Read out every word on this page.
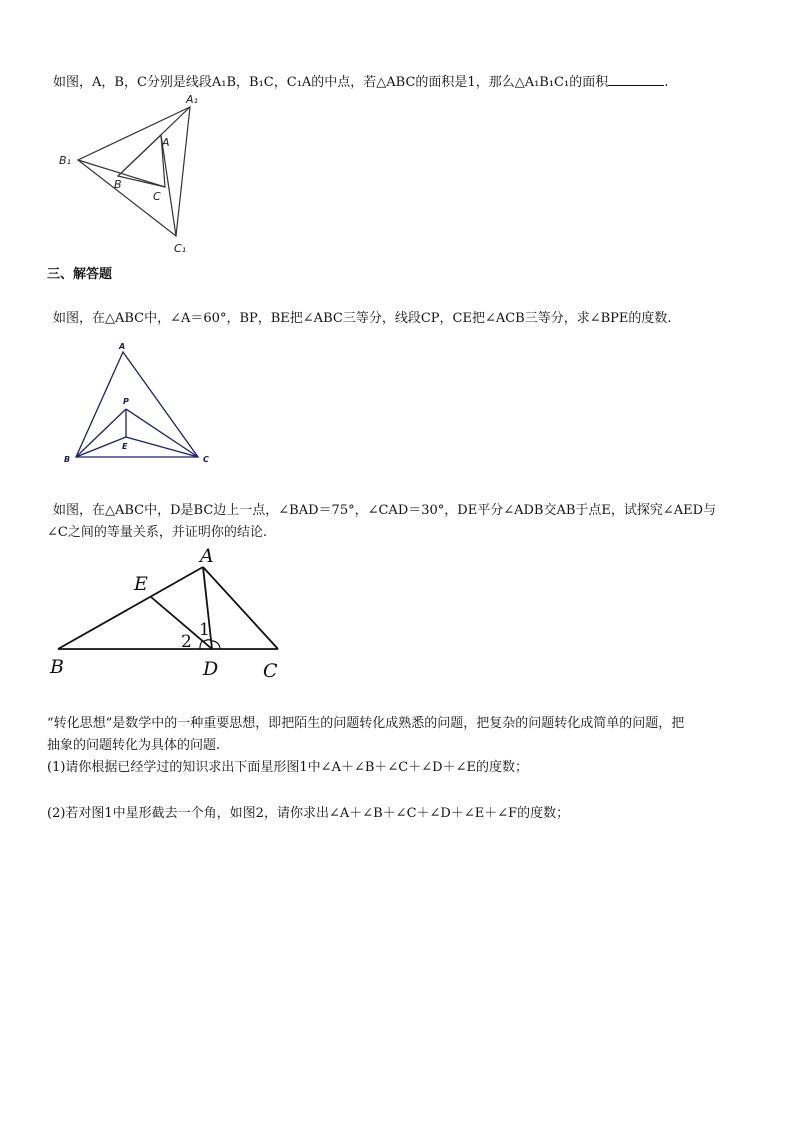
如图，A，B，C分别是线段A₁B，B₁C，C₁A的中点，若△ABC的面积是1，那么△A₁B₁C₁的面积	.
A₁
A
B₁
B
C
C₁
三、解答题
如图，在△ABC中，∠A＝60°，BP，BE把∠ABC三等分，线段CP，CE把∠ACB三等分，求∠BPE的度数.
A
P
E
B	C
如图，在△ABC中，D是BC边上一点，∠BAD＝75°，∠CAD＝30°，DE平分∠ADB交AB于点E，试探究∠AED与
∠C之间的等量关系，并证明你的结论.
A
E
B	D C
1
2
“转化思想”是数学中的一种重要思想，即把陌生的问题转化成熟悉的问题，把复杂的问题转化成简单的问题，把
抽象的问题转化为具体的问题.
(1)请你根据已经学过的知识求出下面星形图1中∠A＋∠B＋∠C＋∠D＋∠E的度数；
(2)若对图1中星形截去一个角，如图2，请你求出∠A＋∠B＋∠C＋∠D＋∠E＋∠F的度数；
